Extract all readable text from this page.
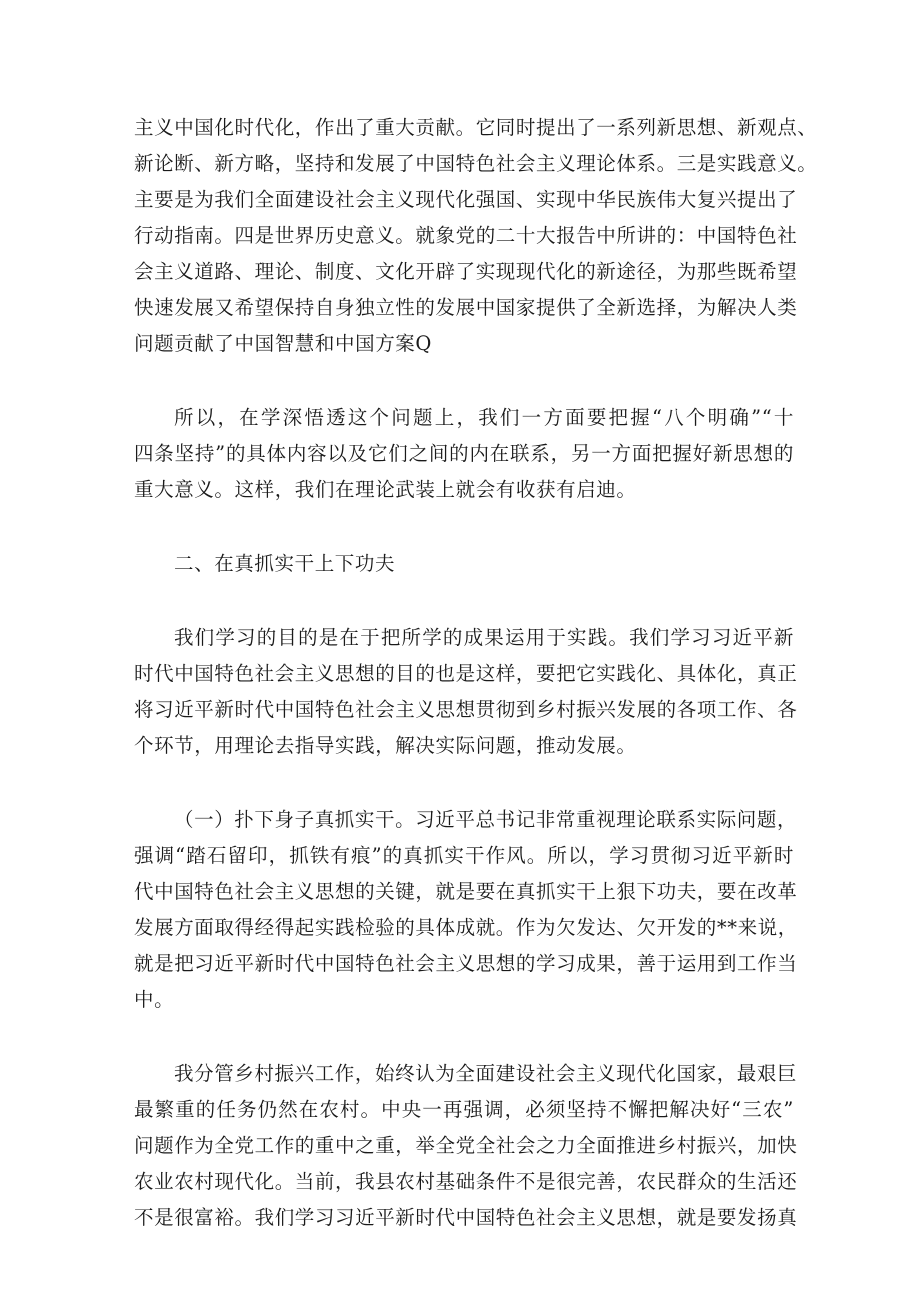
主义中国化时代化，作出了重大贡献。它同时提出了一系列新思想、新观点、
新论断、新方略，坚持和发展了中国特色社会主义理论体系。三是实践意义。
主要是为我们全面建设社会主义现代化强国、实现中华民族伟大复兴提出了
行动指南。四是世界历史意义。就象党的二十大报告中所讲的：中国特色社
会主义道路、理论、制度、文化开辟了实现现代化的新途径，为那些既希望
快速发展又希望保持自身独立性的发展中国家提供了全新选择，为解决人类
问题贡献了中国智慧和中国方案Q
所以，在学深悟透这个问题上，我们一方面要把握“八个明确”“十
四条坚持”的具体内容以及它们之间的内在联系，另一方面把握好新思想的
重大意义。这样，我们在理论武装上就会有收获有启迪。
二、在真抓实干上下功夫
我们学习的目的是在于把所学的成果运用于实践。我们学习习近平新
时代中国特色社会主义思想的目的也是这样，要把它实践化、具体化，真正
将习近平新时代中国特色社会主义思想贯彻到乡村振兴发展的各项工作、各
个环节，用理论去指导实践，解决实际问题，推动发展。
（一）扑下身子真抓实干。习近平总书记非常重视理论联系实际问题，
强调“踏石留印，抓铁有痕”的真抓实干作风。所以，学习贯彻习近平新时
代中国特色社会主义思想的关键，就是要在真抓实干上狠下功夫，要在改革
发展方面取得经得起实践检验的具体成就。作为欠发达、欠开发的**来说，
就是把习近平新时代中国特色社会主义思想的学习成果，善于运用到工作当
中。
我分管乡村振兴工作，始终认为全面建设社会主义现代化国家，最艰巨
最繁重的任务仍然在农村。中央一再强调，必须坚持不懈把解决好“三农”
问题作为全党工作的重中之重，举全党全社会之力全面推进乡村振兴，加快
农业农村现代化。当前，我县农村基础条件不是很完善，农民群众的生活还
不是很富裕。我们学习习近平新时代中国特色社会主义思想，就是要发扬真
